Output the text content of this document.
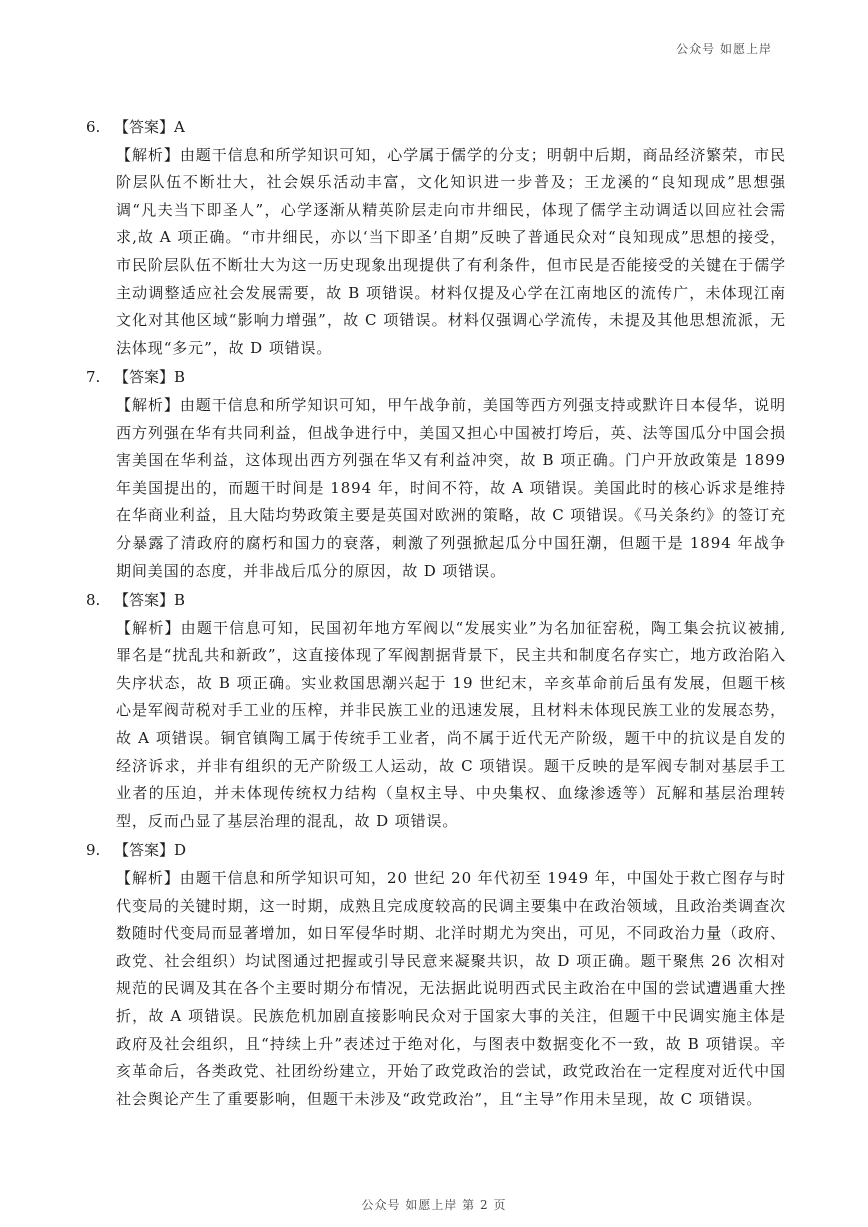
公众号 如愿上岸
6. 【答案】A
【解析】由题干信息和所学知识可知，心学属于儒学的分支；明朝中后期，商品经济繁荣，市民阶层队伍不断壮大，社会娱乐活动丰富，文化知识进一步普及；王龙溪的“良知现成”思想强调“凡夫当下即圣人”，心学逐渐从精英阶层走向市井细民，体现了儒学主动调适以回应社会需求,故 A 项正确。“市井细民，亦以‘当下即圣’自期”反映了普通民众对“良知现成”思想的接受，市民阶层队伍不断壮大为这一历史现象出现提供了有利条件，但市民是否能接受的关键在于儒学主动调整适应社会发展需要，故 B 项错误。材料仅提及心学在江南地区的流传广，未体现江南文化对其他区域“影响力增强”，故 C 项错误。材料仅强调心学流传，未提及其他思想流派，无法体现“多元”，故 D 项错误。
7. 【答案】B
【解析】由题干信息和所学知识可知，甲午战争前，美国等西方列强支持或默许日本侵华，说明西方列强在华有共同利益，但战争进行中，美国又担心中国被打垮后，英、法等国瓜分中国会损害美国在华利益，这体现出西方列强在华又有利益冲突，故 B 项正确。门户开放政策是 1899 年美国提出的，而题干时间是 1894 年，时间不符，故 A 项错误。美国此时的核心诉求是维持在华商业利益，且大陆均势政策主要是英国对欧洲的策略，故 C 项错误。《马关条约》的签订充分暴露了清政府的腐朽和国力的衰落，刺激了列强掀起瓜分中国狂潮，但题干是 1894 年战争期间美国的态度，并非战后瓜分的原因，故 D 项错误。
8. 【答案】B
【解析】由题干信息可知，民国初年地方军阀以“发展实业”为名加征窑税，陶工集会抗议被捕,罪名是“扰乱共和新政”，这直接体现了军阀割据背景下，民主共和制度名存实亡，地方政治陷入失序状态，故 B 项正确。实业救国思潮兴起于 19 世纪末，辛亥革命前后虽有发展，但题干核心是军阀苛税对手工业的压榨，并非民族工业的迅速发展，且材料未体现民族工业的发展态势，故 A 项错误。铜官镇陶工属于传统手工业者，尚不属于近代无产阶级，题干中的抗议是自发的经济诉求，并非有组织的无产阶级工人运动，故 C 项错误。题干反映的是军阀专制对基层手工业者的压迫，并未体现传统权力结构（皇权主导、中央集权、血缘渗透等）瓦解和基层治理转型，反而凸显了基层治理的混乱，故 D 项错误。
9. 【答案】D
【解析】由题干信息和所学知识可知，20 世纪 20 年代初至 1949 年，中国处于救亡图存与时代变局的关键时期，这一时期，成熟且完成度较高的民调主要集中在政治领域，且政治类调查次数随时代变局而显著增加，如日军侵华时期、北洋时期尤为突出，可见，不同政治力量（政府、政党、社会组织）均试图通过把握或引导民意来凝聚共识，故 D 项正确。题干聚焦 26 次相对规范的民调及其在各个主要时期分布情况，无法据此说明西式民主政治在中国的尝试遭遇重大挫折，故 A 项错误。民族危机加剧直接影响民众对于国家大事的关注，但题干中民调实施主体是政府及社会组织，且“持续上升”表述过于绝对化，与图表中数据变化不一致，故 B 项错误。辛亥革命后，各类政党、社团纷纷建立，开始了政党政治的尝试，政党政治在一定程度对近代中国社会舆论产生了重要影响，但题干未涉及“政党政治”，且“主导”作用未呈现，故 C 项错误。
公众号 如愿上岸 第 2 页
